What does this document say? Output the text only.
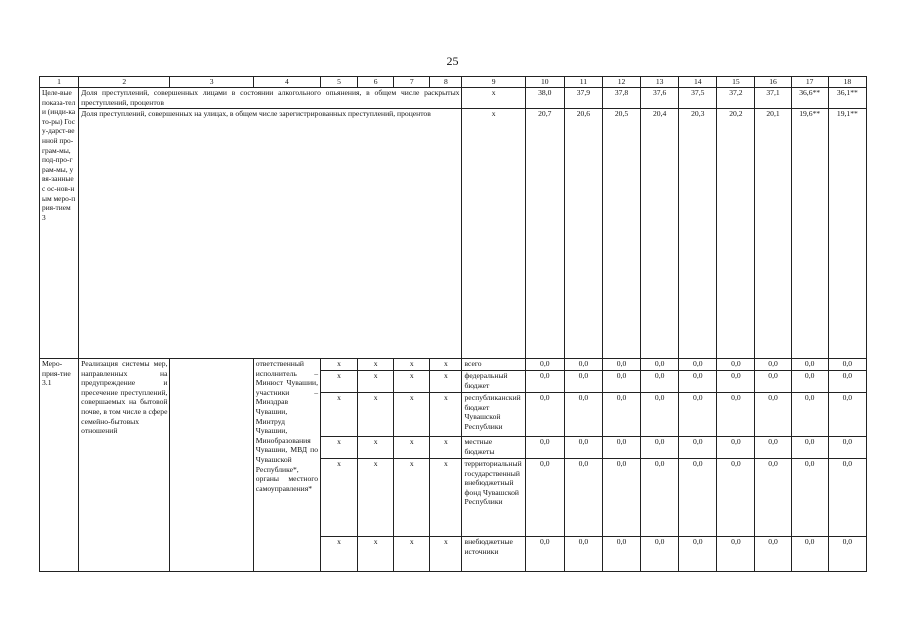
25
1	2	3	4	5	6	7	8	9	10	11	12	13	14	15	16	17	18
Целе-вые показа-тели (инди-като-ры) Госу-дарст-венной про-грам-мы, под-про-грам-мы, увя-занные с ос-нов-ным меро-прия-тием 3	Доля преступлений, совершенных лицами в состоянии алкогольного опьянения, в общем числе раскрытых преступлений, процентов							x	38,0	37,9	37,8	37,6	37,5	37,2	37,1	36,6**	36,1**
	Доля преступлений, совершенных на улицах, в общем числе зарегистрированных преступлений, процентов							x	20,7	20,6	20,5	20,4	20,3	20,2	20,1	19,6**	19,1**
Меро-прия-тие 3.1	Реализация системы мер, направленных на предупреждение и пресечение преступлений, совершаемых на бытовой почве, в том числе в сфере семейно-бытовых отношений		ответственный исполнитель – Минюст Чувашии, участники – Минздрав Чувашии, Минтруд Чувашии, Минобразования Чувашии, МВД по Чувашской Республике*, органы местного самоуправления*	x	x	x	x	всего	0,0	0,0	0,0	0,0	0,0	0,0	0,0	0,0	0,0
				x	x	x	x	федеральный бюджет	0,0	0,0	0,0	0,0	0,0	0,0	0,0	0,0	0,0
				x	x	x	x	республиканский бюджет Чувашской Республики	0,0	0,0	0,0	0,0	0,0	0,0	0,0	0,0	0,0
				x	x	x	x	местные бюджеты	0,0	0,0	0,0	0,0	0,0	0,0	0,0	0,0	0,0
				x	x	x	x	территориальный государственный внебюджетный фонд Чувашской Республики	0,0	0,0	0,0	0,0	0,0	0,0	0,0	0,0	0,0
				x	x	x	x	внебюджетные источники	0,0	0,0	0,0	0,0	0,0	0,0	0,0	0,0	0,0
